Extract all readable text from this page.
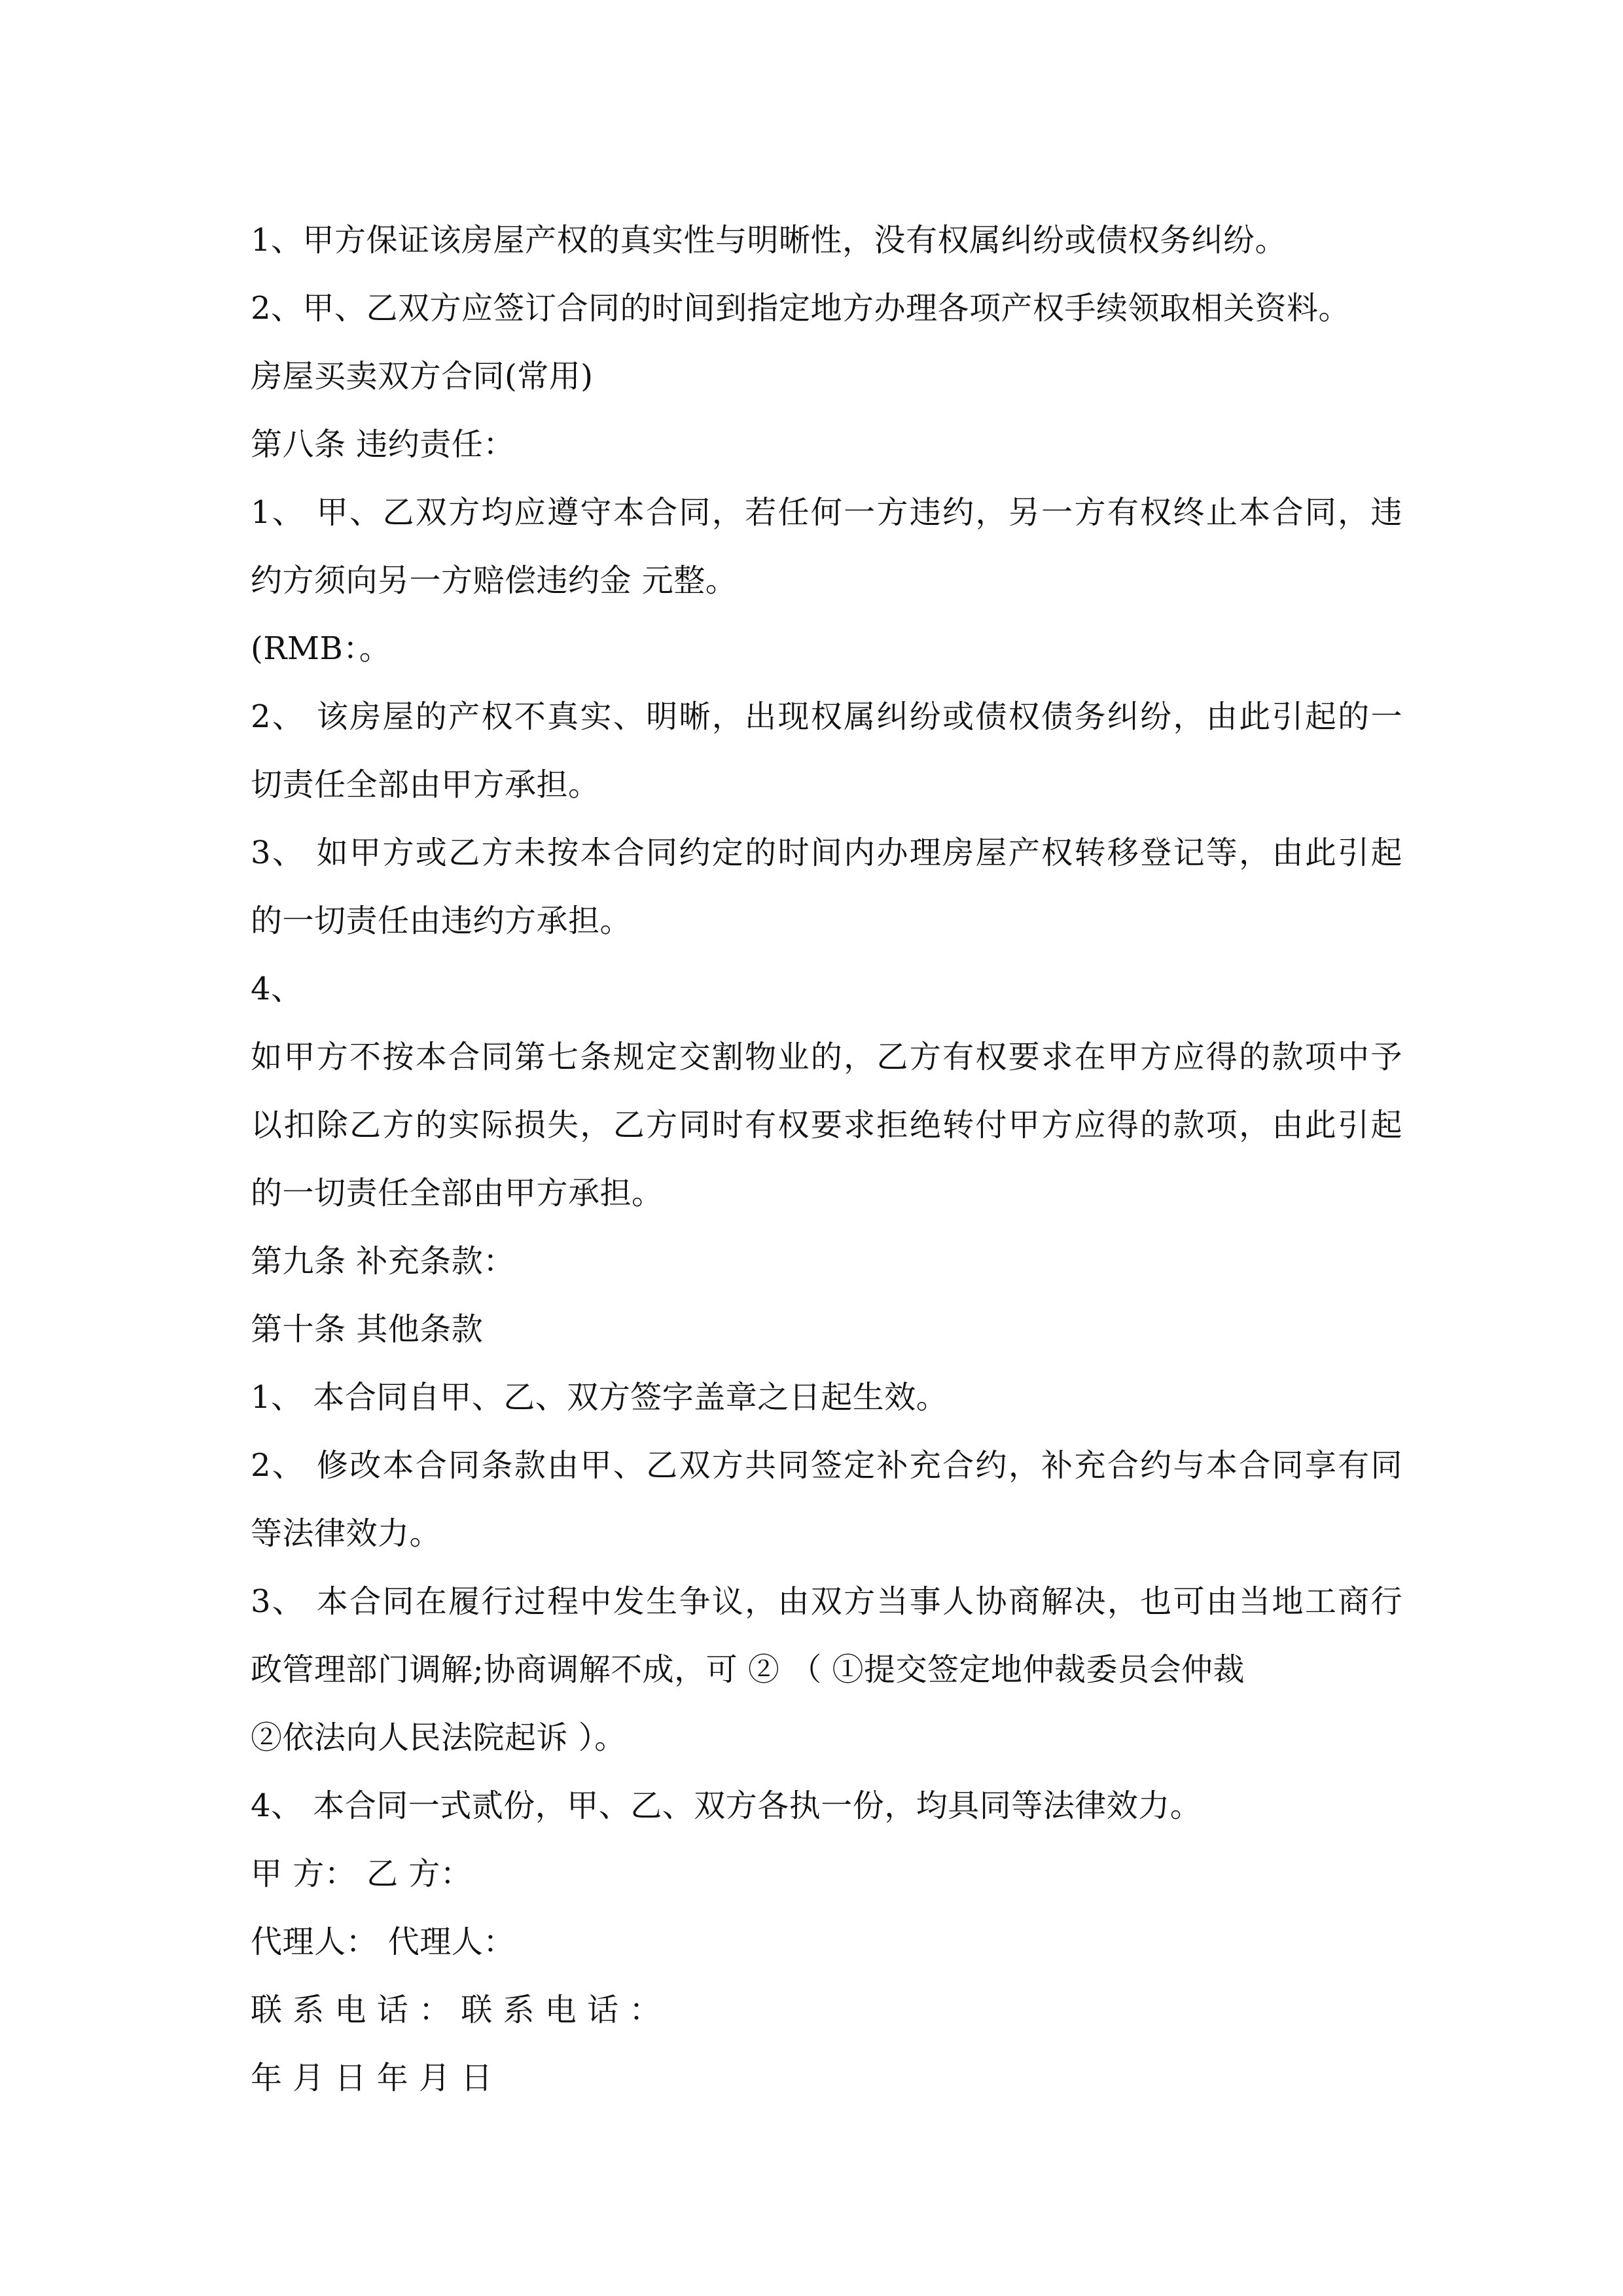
1、甲方保证该房屋产权的真实性与明晰性，没有权属纠纷或债权务纠纷。
2、甲、乙双方应签订合同的时间到指定地方办理各项产权手续领取相关资料。
房屋买卖双方合同(常用)
第八条 违约责任：
1、 甲、乙双方均应遵守本合同，若任何一方违约，另一方有权终止本合同，违
约方须向另一方赔偿违约金 元整。
(RMB：。
2、 该房屋的产权不真实、明晰，出现权属纠纷或债权债务纠纷，由此引起的一
切责任全部由甲方承担。
3、 如甲方或乙方未按本合同约定的时间内办理房屋产权转移登记等，由此引起
的一切责任由违约方承担。
4、
如甲方不按本合同第七条规定交割物业的，乙方有权要求在甲方应得的款项中予
以扣除乙方的实际损失，乙方同时有权要求拒绝转付甲方应得的款项，由此引起
的一切责任全部由甲方承担。
第九条 补充条款：
第十条 其他条款
1、 本合同自甲、乙、双方签字盖章之日起生效。
2、 修改本合同条款由甲、乙双方共同签定补充合约，补充合约与本合同享有同
等法律效力。
3、 本合同在履行过程中发生争议，由双方当事人协商解决，也可由当地工商行
政管理部门调解;协商调解不成，可 ② （ ①提交签定地仲裁委员会仲裁
②依法向人民法院起诉 ）。
4、 本合同一式贰份，甲、乙、双方各执一份，均具同等法律效力。
甲 方： 乙 方：
代理人： 代理人：
联 系 电 话 ： 联 系 电 话 ：
年 月 日 年 月 日
